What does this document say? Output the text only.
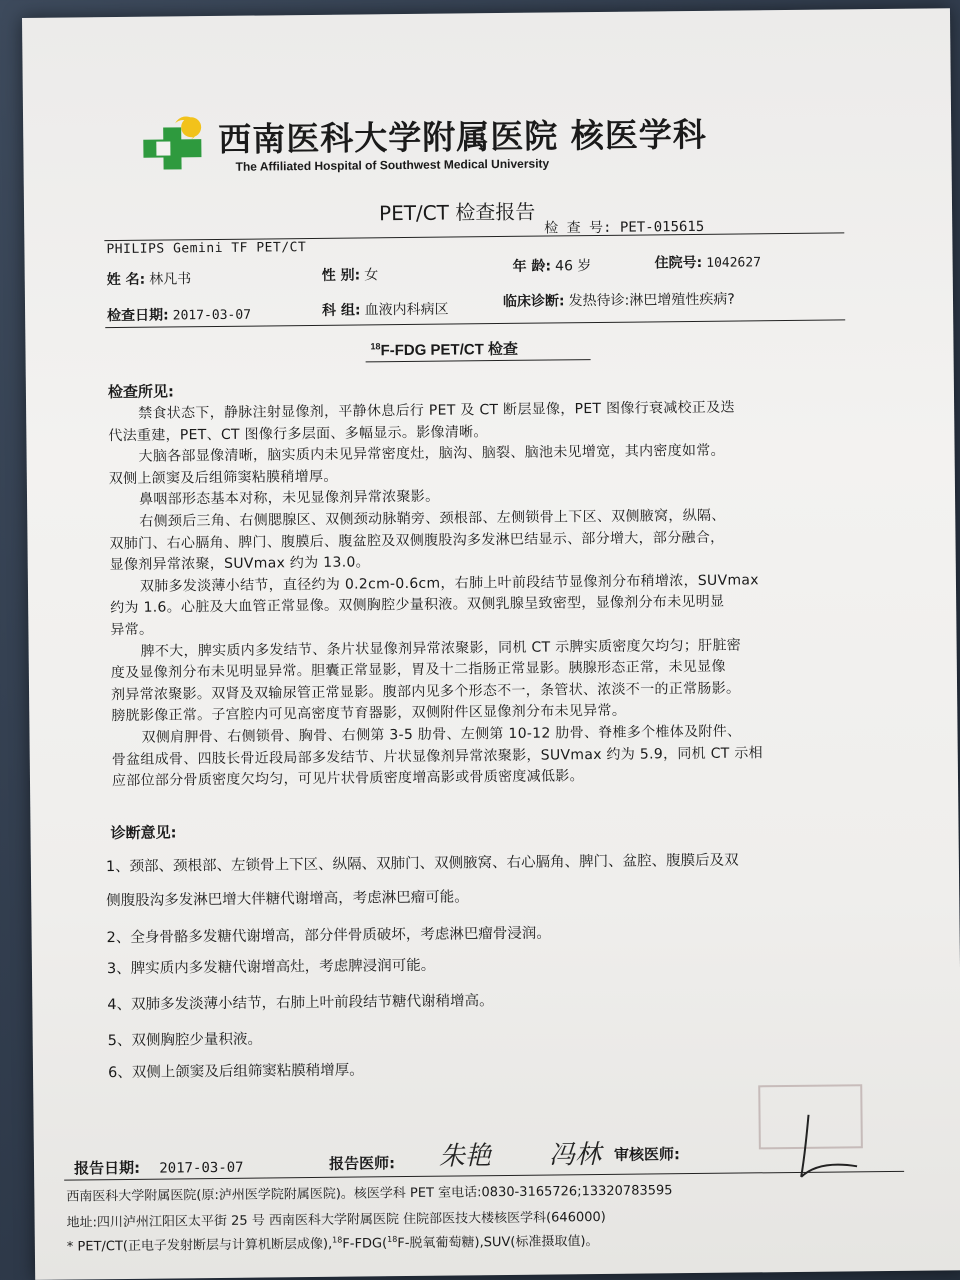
西南医科大学附属医院 核医学科
The Affiliated Hospital of Southwest Medical University
PET/CT 检查报告
检 查 号: PET-015615
PHILIPS Gemini TF PET/CT
姓 名: 林凡书	性 别: 女
年 龄: 46 岁	住院号: 1042627
检查日期: 2017-03-07	科 组: 血液内科病区	临床诊断: 发热待诊:淋巴增殖性疾病?
$^{18}$F-FDG PET/CT 检查
检查所见:
禁食状态下，静脉注射显像剂，平静休息后行 PET 及 CT 断层显像，PET 图像行衰减校正及迭
代法重建，PET、CT 图像行多层面、多幅显示。影像清晰。
大脑各部显像清晰，脑实质内未见异常密度灶，脑沟、脑裂、脑池未见增宽，其内密度如常。
双侧上颌窦及后组筛窦粘膜稍增厚。
鼻咽部形态基本对称，未见显像剂异常浓聚影。
右侧颈后三角、右侧腮腺区、双侧颈动脉鞘旁、颈根部、左侧锁骨上下区、双侧腋窝，纵隔、
双肺门、右心膈角、脾门、腹膜后、腹盆腔及双侧腹股沟多发淋巴结显示、部分增大，部分融合，
显像剂异常浓聚，SUVmax 约为 13.0。
双肺多发淡薄小结节，直径约为 0.2cm-0.6cm，右肺上叶前段结节显像剂分布稍增浓，SUVmax
约为 1.6。心脏及大血管正常显像。双侧胸腔少量积液。双侧乳腺呈致密型，显像剂分布未见明显
异常。
脾不大，脾实质内多发结节、条片状显像剂异常浓聚影，同机 CT 示脾实质密度欠均匀；肝脏密
度及显像剂分布未见明显异常。胆囊正常显影，胃及十二指肠正常显影。胰腺形态正常，未见显像
剂异常浓聚影。双肾及双输尿管正常显影。腹部内见多个形态不一，条管状、浓淡不一的正常肠影。
膀胱影像正常。子宫腔内可见高密度节育器影，双侧附件区显像剂分布未见异常。
双侧肩胛骨、右侧锁骨、胸骨、右侧第 3-5 肋骨、左侧第 10-12 肋骨、脊椎多个椎体及附件、
骨盆组成骨、四肢长骨近段局部多发结节、片状显像剂异常浓聚影，SUVmax 约为 5.9，同机 CT 示相
应部位部分骨质密度欠均匀，可见片状骨质密度增高影或骨质密度减低影。
诊断意见:
1、颈部、颈根部、左锁骨上下区、纵隔、双肺门、双侧腋窝、右心膈角、脾门、盆腔、腹膜后及双
侧腹股沟多发淋巴增大伴糖代谢增高，考虑淋巴瘤可能。
2、全身骨骼多发糖代谢增高，部分伴骨质破坏，考虑淋巴瘤骨浸润。
3、脾实质内多发糖代谢增高灶，考虑脾浸润可能。
4、双肺多发淡薄小结节，右肺上叶前段结节糖代谢稍增高。
5、双侧胸腔少量积液。
6、双侧上颌窦及后组筛窦粘膜稍增厚。
报告日期: 2017-03-07	报告医师: 朱艳 冯林 审核医师:
西南医科大学附属医院(原:泸州医学院附属医院)。核医学科 PET 室电话:0830-3165726;13320783595
地址:四川泸州江阳区太平街 25 号 西南医科大学附属医院 住院部医技大楼核医学科(646000)
* PET/CT(正电子发射断层与计算机断层成像),$^{18}$F-FDG($^{18}$F-脱氧葡萄糖),SUV(标准摄取值)。
